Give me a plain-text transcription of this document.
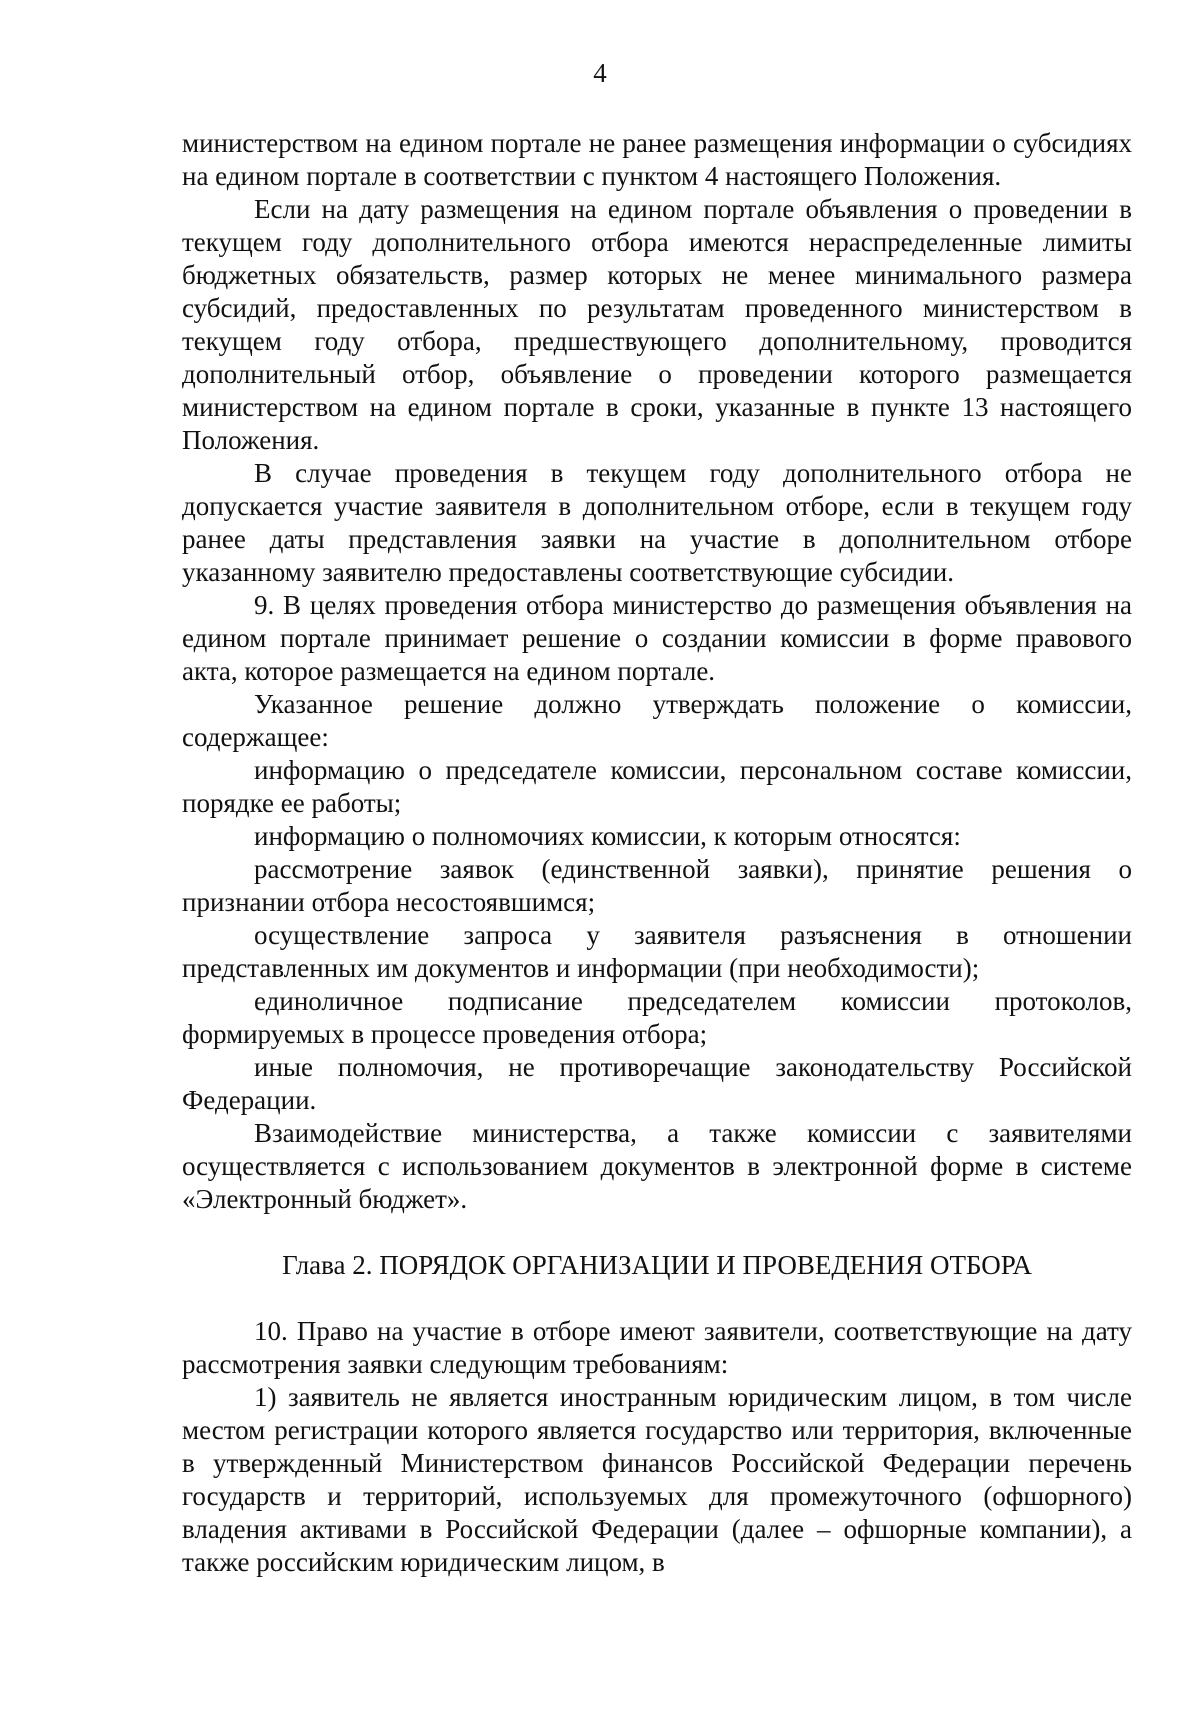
4

министерством на едином портале не ранее размещения информации о субсидиях на едином портале в соответствии с пунктом 4 настоящего Положения.

Если на дату размещения на едином портале объявления о проведении в текущем году дополнительного отбора имеются нераспределенные лимиты бюджетных обязательств, размер которых не менее минимального размера субсидий, предоставленных по результатам проведенного министерством в текущем году отбора, предшествующего дополнительному, проводится дополнительный отбор, объявление о проведении которого размещается министерством на едином портале в сроки, указанные в пункте 13 настоящего Положения.

В случае проведения в текущем году дополнительного отбора не допускается участие заявителя в дополнительном отборе, если в текущем году ранее даты представления заявки на участие в дополнительном отборе указанному заявителю предоставлены соответствующие субсидии.

9. В целях проведения отбора министерство до размещения объявления на едином портале принимает решение о создании комиссии в форме правового акта, которое размещается на едином портале.

Указанное решение должно утверждать положение о комиссии, содержащее:

информацию о председателе комиссии, персональном составе комиссии, порядке ее работы;

информацию о полномочиях комиссии, к которым относятся:

рассмотрение заявок (единственной заявки), принятие решения о признании отбора несостоявшимся;

осуществление запроса у заявителя разъяснения в отношении представленных им документов и информации (при необходимости);

единоличное подписание председателем комиссии протоколов, формируемых в процессе проведения отбора;

иные полномочия, не противоречащие законодательству Российской Федерации.

Взаимодействие министерства, а также комиссии с заявителями осуществляется с использованием документов в электронной форме в системе «Электронный бюджет».

Глава 2. ПОРЯДОК ОРГАНИЗАЦИИ И ПРОВЕДЕНИЯ ОТБОРА

10. Право на участие в отборе имеют заявители, соответствующие на дату рассмотрения заявки следующим требованиям:

1) заявитель не является иностранным юридическим лицом, в том числе местом регистрации которого является государство или территория, включенные в утвержденный Министерством финансов Российской Федерации перечень государств и территорий, используемых для промежуточного (офшорного) владения активами в Российской Федерации (далее – офшорные компании), а также российским юридическим лицом, в
